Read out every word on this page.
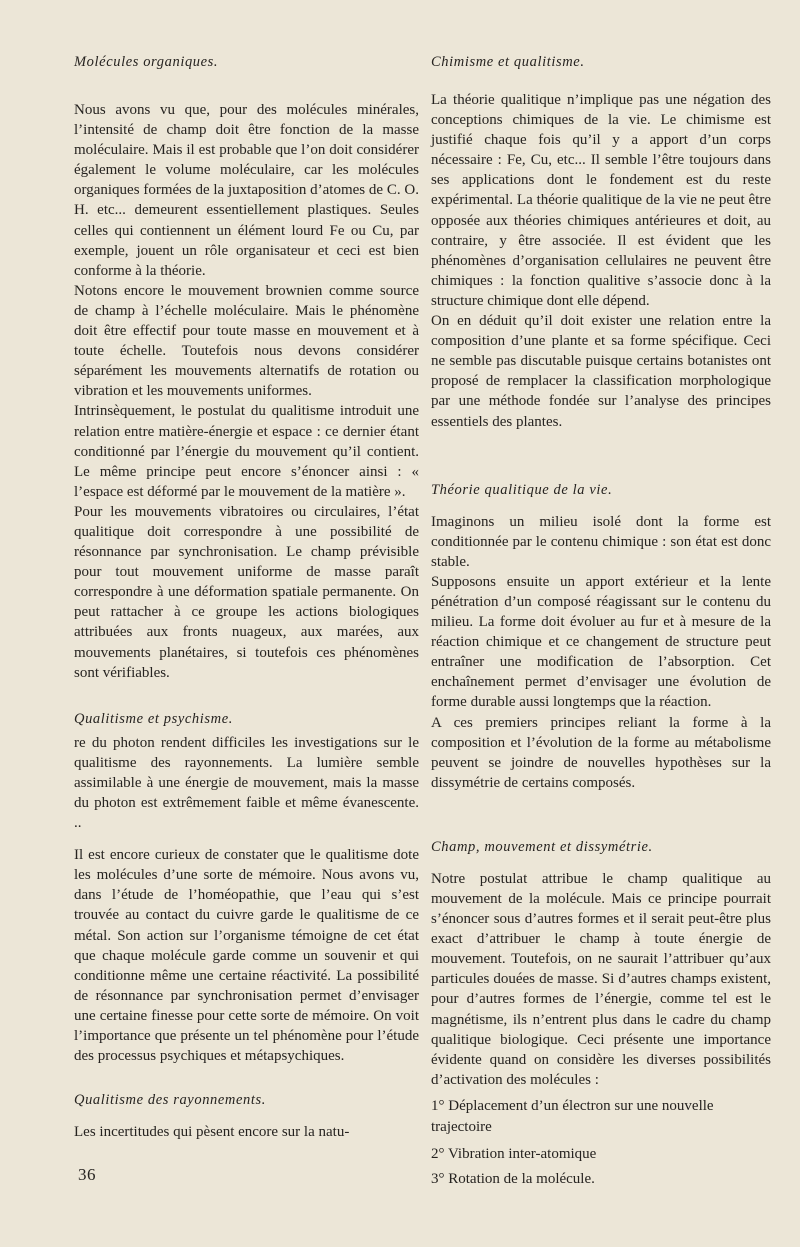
Molécules organiques.

Nous avons vu que, pour des molécules minérales, l’intensité de champ doit être fonction de la masse moléculaire. Mais il est probable que l’on doit considérer également le volume moléculaire, car les molécules organiques formées de la juxtaposition d’atomes de C. O. H. etc... demeurent essentiellement plastiques. Seules celles qui contiennent un élément lourd Fe ou Cu, par exemple, jouent un rôle organisateur et ceci est bien conforme à la théorie.

Notons encore le mouvement brownien comme source de champ à l’échelle moléculaire. Mais le phénomène doit être effectif pour toute masse en mouvement et à toute échelle. Toutefois nous devons considérer séparément les mouvements alternatifs de rotation ou vibration et les mouvements uniformes.

Intrinsèquement, le postulat du qualitisme introduit une relation entre matière-énergie et espace : ce dernier étant conditionné par l’énergie du mouvement qu’il contient. Le même principe peut encore s’énoncer ainsi : « l’espace est déformé par le mouvement de la matière ».

Pour les mouvements vibratoires ou circulaires, l’état qualitique doit correspondre à une possibilité de résonnance par synchronisation. Le champ prévisible pour tout mouvement uniforme de masse paraît correspondre à une déformation spatiale permanente. On peut rattacher à ce groupe les actions biologiques attribuées aux fronts nuageux, aux marées, aux mouvements planétaires, si toutefois ces phénomènes sont vérifiables.

Qualitisme et psychisme.

re du photon rendent difficiles les investigations sur le qualitisme des rayonnements. La lumière semble assimilable à une énergie de mouvement, mais la masse du photon est extrêmement faible et même évanescente. ..

Il est encore curieux de constater que le qualitisme dote les molécules d’une sorte de mémoire. Nous avons vu, dans l’étude de l’homéopathie, que l’eau qui s’est trouvée au contact du cuivre garde le qualitisme de ce métal. Son action sur l’organisme témoigne de cet état que chaque molécule garde comme un souvenir et qui conditionne même une certaine réactivité. La possibilité de résonnance par synchronisation permet d’envisager une certaine finesse pour cette sorte de mémoire. On voit l’importance que présente un tel phénomène pour l’étude des processus psychiques et métapsychiques.

Qualitisme des rayonnements.

Les incertitudes qui pèsent encore sur la natu-

Chimisme et qualitisme.

La théorie qualitique n’implique pas une négation des conceptions chimiques de la vie. Le chimisme est justifié chaque fois qu’il y a apport d’un corps nécessaire : Fe, Cu, etc... Il semble l’être toujours dans ses applications dont le fondement est du reste expérimental. La théorie qualitique de la vie ne peut être opposée aux théories chimiques antérieures et doit, au contraire, y être associée. Il est évident que les phénomènes d’organisation cellulaires ne peuvent être chimiques : la fonction qualitive s’associe donc à la structure chimique dont elle dépend.

On en déduit qu’il doit exister une relation entre la composition d’une plante et sa forme spécifique. Ceci ne semble pas discutable puisque certains botanistes ont proposé de remplacer la classification morphologique par une méthode fondée sur l’analyse des principes essentiels des plantes.

Théorie qualitique de la vie.

Imaginons un milieu isolé dont la forme est conditionnée par le contenu chimique : son état est donc stable.

Supposons ensuite un apport extérieur et la lente pénétration d’un composé réagissant sur le contenu du milieu. La forme doit évoluer au fur et à mesure de la réaction chimique et ce changement de structure peut entraîner une modification de l’absorption. Cet enchaînement permet d’envisager une évolution de forme durable aussi longtemps que la réaction.

A ces premiers principes reliant la forme à la composition et l’évolution de la forme au métabolisme peuvent se joindre de nouvelles hypothèses sur la dissymétrie de certains composés.

Champ, mouvement et dissymétrie.

Notre postulat attribue le champ qualitique au mouvement de la molécule. Mais ce principe pourrait s’énoncer sous d’autres formes et il serait peut-être plus exact d’attribuer le champ à toute énergie de mouvement. Toutefois, on ne saurait l’attribuer qu’aux particules douées de masse. Si d’autres champs existent, pour d’autres formes de l’énergie, comme tel est le magnétisme, ils n’entrent plus dans le cadre du champ qualitique biologique. Ceci présente une importance évidente quand on considère les diverses possibilités d’activation des molécules :

1° Déplacement d’un électron sur une nouvelle trajectoire

2° Vibration inter-atomique

3° Rotation de la molécule.

36
